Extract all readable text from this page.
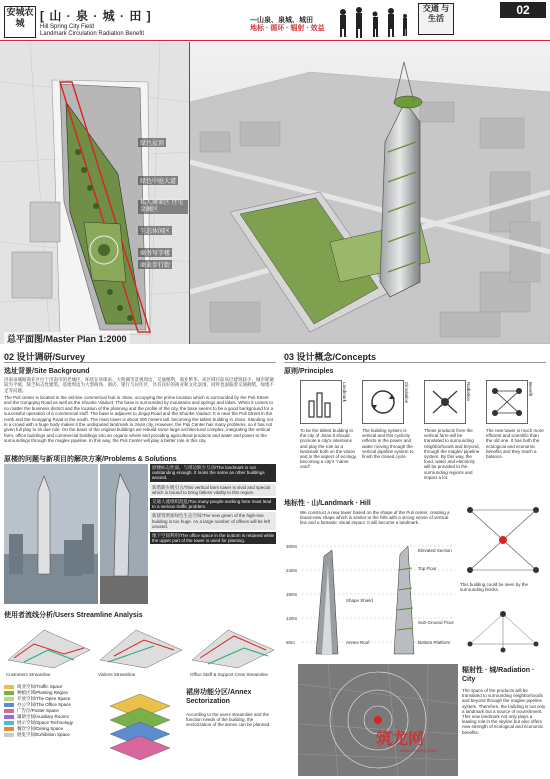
安城农城	[ 山 · 泉 · 城 · 田 ]
Hill Spring City Field
Landmark Circulation Radiation Benefit
—山泉、泉城、城田
地标 · 循环 · 辐射 · 效益
交通 与生活
02
绿色屋顶
绿色中庭大道
私人商业区 住宅金融区
生态休闲区
商务写字楼
商业步行街
总平面图/Master Plan 1:2000
02 设计调研/Survey
选址背景/Site Background
济南泉城路商业区位于济南市的老城区，环绕在珍珠泉、大明湖等景观周边，交通便利，商业繁华。该区域目前高层建筑较少，城市轮廓较为平缓，缺乏标志性建筑。基地周边为大型商场、酒店、银行与居住区，具有良好的商业和文化氛围，同时也面临着交通拥堵、绿地不足等问题。
The Puli center is located in the old-line commercial hub in Jinan, occupying the prime location which is surrounded by the Puli Street and the Gongqing Road as well as the Shunke Viaduct. The base is surrounded by mountains and springs and lakes. When it comes to no matter the business district and the location of the planning and the profile of the city, the base seems to be a good background for a successful operation of a commercial stuff. The base is adjacent to Jingqi Road and the Shunke Viaduct. It is near the Puli Street in the north and the Gongqing Road in the south. The main tower is about 300 meters tall, becoming the tallest building in Jinan. Standing not in a crowd with a huge body makes it the undisputed landmark in Jinan city. However, the Puli Center has many problems, so it has not given full play to its due role. On the basis of the original buildings we rebuild some large architectural complex, integrating the vertical farm, office buildings and commercial buildings into an organic whole and providing agricultural products and water and power to the surroundings through the maglev pipeline. In this way, the Puli Center will play a better role in this city.
原楼的问题与新项目的解决方案/Problems & Solutions
原楼标志性弱，与周边缺少互动/The landmark is not outstanding enough. It looks the same as other buildings around.
新塔缺少吸引力/This vertical farm tower is vivid and special which is bound to bring fatless vitality to this region.
交通人流组织混乱/Too many people working here must lead to a serious traffic problem.
新建筑增加绿色生态空间/The new green of the high-rise building is too huge. As a large number of offices will be left unused.
地下空间利用/The office space in the bottom is retained while the upper part of the tower is used for planting.
使用者流线分析/Users Streamline Analysis
Customers Streamline	Visitors Streamline	Office Staff & Support Crew Streamline
商业空间/Traffic Space
种植区域/Planting Region
开放空间/The Open Space
办公空间/The Office Space
广告位/Poster Space
辅助空间/Auxiliary Rooms
展示空间/Space Technology
餐饮空间/Dining Space
展览空间/Exhibition Space
裙房功能分区/Annex Sectorization
According to the users streamline and the function needs of the building, the sectorization of the annex can be planned.
03 设计概念/Concepts
原则/Principles
Landmark	Circulation	Radiation	Benefit
To be the tallest building in the city of Jinan.It should promote a city's intentions and play the role as a landmark both on the vision and in the aspect of ecology, becoming a city's "name card".
The building system is vertical and this cyclicity reflects in the power and water moving through the vertical pipeline system to finish the closed cycle.
These products from the vertical farm will be translated to surrounding neighborhoods and beyond, through the maglev pipeline system. By this way, the food, water and electricity will be provided to the surrounding regions and impact a lot.
The new tower is much more efficient and scientific than the old one. It has both the ecological and economic benefits and they reach a balance.
地标性 · 山/Landmark · Hill
We construct a new tower based on the shape of the Puli center, creating a brand-new shape which is similar to the hills with a strong sense of vertical line and a fantastic visual impact. It will become a landmark.
300m
240m
180m
120m
60m
Elevated Section
Top Floor
Shape Shield
Annex Roof
Sub-Ground Floor
Bottom Platform
This building could be seen by the surrounding blocks.
辐射性 · 城/Radiation · City
The space of the products will be translated to surrounding neighborhoods and beyond through the maglev pipeline system. Therefore, the building is not only a landmark but a source of nourishment. This new landmark not only plays a leading role in the skyline but also offers new strength of ecological and economic benefits.
筑龙网
www.zhulong.com
